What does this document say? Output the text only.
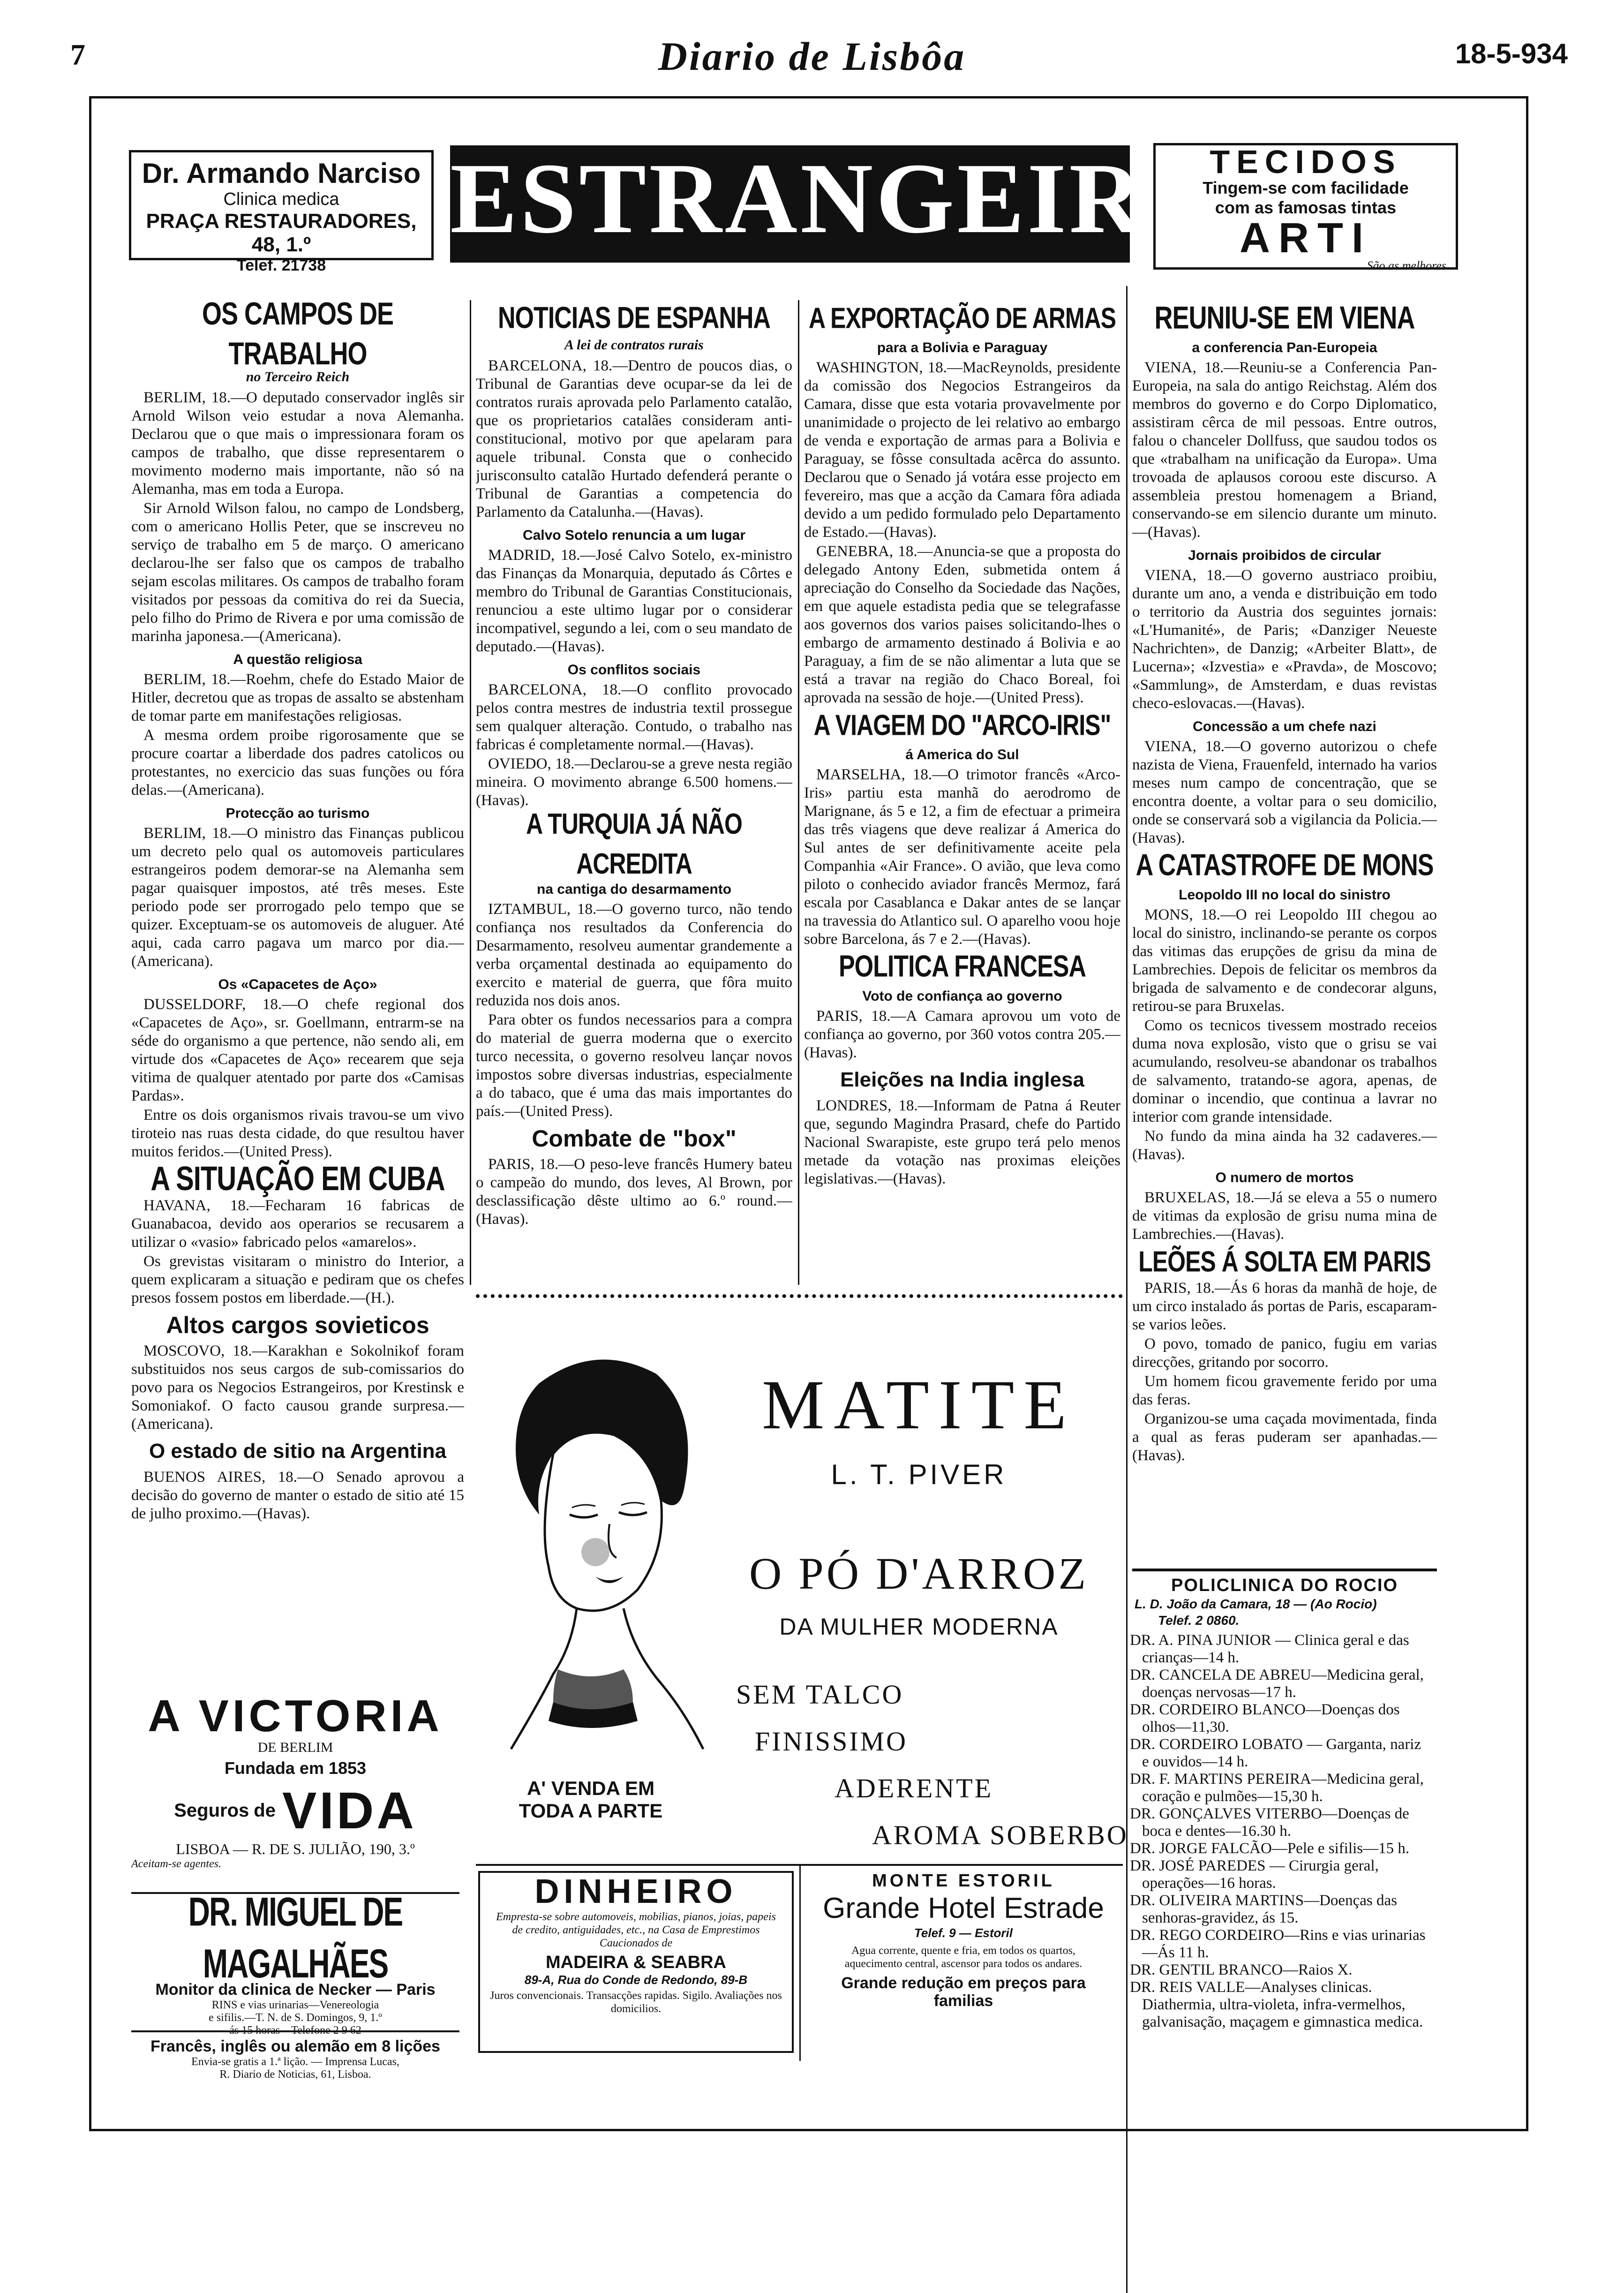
7	Diario de Lisbôa	18-5-934
Dr. Armando Narciso
Clinica medica
PRAÇA RESTAURADORES, 48, 1.º
Telef. 21738
ESTRANGEIRO
TECIDOS
Tingem-se com facilidade
com as famosas tintas
ARTI
São as melhores
OS CAMPOS DE TRABALHO
no Terceiro Reich

BERLIM, 18.—O deputado conservador inglês sir Arnold Wilson veio estudar a nova Alemanha. Declarou que o que mais o impressionara foram os campos de trabalho, que disse representarem o movimento moderno mais importante, não só na Alemanha, mas em toda a Europa.

Sir Arnold Wilson falou, no campo de Londsberg, com o americano Hollis Peter, que se inscreveu no serviço de trabalho em 5 de março. O americano declarou-lhe ser falso que os campos de trabalho sejam escolas militares. Os campos de trabalho foram visitados por pessoas da comitiva do rei da Suecia, pelo filho do Primo de Rivera e por uma comissão de marinha japonesa.—(Americana).

A questão religiosa

BERLIM, 18.—Roehm, chefe do Estado Maior de Hitler, decretou que as tropas de assalto se abstenham de tomar parte em manifestações religiosas.

A mesma ordem proibe rigorosamente que se procure coartar a liberdade dos padres catolicos ou protestantes, no exercicio das suas funções ou fóra delas.—(Americana).

Protecção ao turismo

BERLIM, 18.—O ministro das Finanças publicou um decreto pelo qual os automoveis particulares estrangeiros podem demorar-se na Alemanha sem pagar quaisquer impostos, até três meses. Este periodo pode ser prorrogado pelo tempo que se quizer. Exceptuam-se os automoveis de aluguer. Até aqui, cada carro pagava um marco por dia.—(Americana).

Os «Capacetes de Aço»

DUSSELDORF, 18.—O chefe regional dos «Capacetes de Aço», sr. Goellmann, entrarm-se na séde do organismo a que pertence, não sendo ali, em virtude dos «Capacetes de Aço» recearem que seja vitima de qualquer atentado por parte dos «Camisas Pardas».

Entre os dois organismos rivais travou-se um vivo tiroteio nas ruas desta cidade, do que resultou haver muitos feridos.—(United Press).

A SITUAÇÃO EM CUBA

HAVANA, 18.—Fecharam 16 fabricas de Guanabacoa, devido aos operarios se recusarem a utilizar o «vasio» fabricado pelos «amarelos».

Os grevistas visitaram o ministro do Interior, a quem explicaram a situação e pediram que os chefes presos fossem postos em liberdade.—(H.).

Altos cargos sovieticos

MOSCOVO, 18.—Karakhan e Sokolnikof foram substituidos nos seus cargos de sub-comissarios do povo para os Negocios Estrangeiros, por Krestinsk e Somoniakof. O facto causou grande surpresa.—(Americana).

O estado de sitio na Argentina

BUENOS AIRES, 18.—O Senado aprovou a decisão do governo de manter o estado de sitio até 15 de julho proximo.—(Havas).

NOTICIAS DE ESPANHA
A lei de contratos rurais

BARCELONA, 18.—Dentro de poucos dias, o Tribunal de Garantias deve ocupar-se da lei de contratos rurais aprovada pelo Parlamento catalão, que os proprietarios catalães consideram anti-constitucional, motivo por que apelaram para aquele tribunal. Consta que o conhecido jurisconsulto catalão Hurtado defenderá perante o Tribunal de Garantias a competencia do Parlamento da Catalunha.—(Havas).

Calvo Sotelo renuncia a um lugar

MADRID, 18.—José Calvo Sotelo, ex-ministro das Finanças da Monarquia, deputado ás Côrtes e membro do Tribunal de Garantias Constitucionais, renunciou a este ultimo lugar por o considerar incompativel, segundo a lei, com o seu mandato de deputado.—(Havas).

Os conflitos sociais

BARCELONA, 18.—O conflito provocado pelos contra mestres de industria textil prossegue sem qualquer alteração. Contudo, o trabalho nas fabricas é completamente normal.—(Havas).

OVIEDO, 18.—Declarou-se a greve nesta região mineira. O movimento abrange 6.500 homens.—(Havas).

A TURQUIA JÁ NÃO ACREDITA
na cantiga do desarmamento

IZTAMBUL, 18.—O governo turco, não tendo confiança nos resultados da Conferencia do Desarmamento, resolveu aumentar grandemente a verba orçamental destinada ao equipamento do exercito e material de guerra, que fôra muito reduzida nos dois anos.

Para obter os fundos necessarios para a compra do material de guerra moderna que o exercito turco necessita, o governo resolveu lançar novos impostos sobre diversas industrias, especialmente a do tabaco, que é uma das mais importantes do país.—(United Press).

Combate de "box"

PARIS, 18.—O peso-leve francês Humery bateu o campeão do mundo, dos leves, Al Brown, por desclassificação dêste ultimo ao 6.º round.—(Havas).

A EXPORTAÇÃO DE ARMAS
para a Bolivia e Paraguay

WASHINGTON, 18.—MacReynolds, presidente da comissão dos Negocios Estrangeiros da Camara, disse que esta votaria provavelmente por unanimidade o projecto de lei relativo ao embargo de venda e exportação de armas para a Bolivia e Paraguay, se fôsse consultada acêrca do assunto. Declarou que o Senado já votára esse projecto em fevereiro, mas que a acção da Camara fôra adiada devido a um pedido formulado pelo Departamento de Estado.—(Havas).

GENEBRA, 18.—Anuncia-se que a proposta do delegado Antony Eden, submetida ontem á apreciação do Conselho da Sociedade das Nações, em que aquele estadista pedia que se telegrafasse aos governos dos varios paises solicitando-lhes o embargo de armamento destinado á Bolivia e ao Paraguay, a fim de se não alimentar a luta que se está a travar na região do Chaco Boreal, foi aprovada na sessão de hoje.—(United Press).

A VIAGEM DO "ARCO-IRIS"
á America do Sul

MARSELHA, 18.—O trimotor francês «Arco-Iris» partiu esta manhã do aerodromo de Marignane, ás 5 e 12, a fim de efectuar a primeira das três viagens que deve realizar á America do Sul antes de ser definitivamente aceite pela Companhia «Air France». O avião, que leva como piloto o conhecido aviador francês Mermoz, fará escala por Casablanca e Dakar antes de se lançar na travessia do Atlantico sul. O aparelho voou hoje sobre Barcelona, ás 7 e 2.—(Havas).

POLITICA FRANCESA
Voto de confiança ao governo

PARIS, 18.—A Camara aprovou um voto de confiança ao governo, por 360 votos contra 205.—(Havas).

Eleições na India inglesa

LONDRES, 18.—Informam de Patna á Reuter que, segundo Magindra Prasard, chefe do Partido Nacional Swarapiste, este grupo terá pelo menos metade da votação nas proximas eleições legislativas.—(Havas).

REUNIU-SE EM VIENA
a conferencia Pan-Europeia

VIENA, 18.—Reuniu-se a Conferencia Pan-Europeia, na sala do antigo Reichstag. Além dos membros do governo e do Corpo Diplomatico, assistiram cêrca de mil pessoas. Entre outros, falou o chanceler Dollfuss, que saudou todos os que «trabalham na unificação da Europa». Uma trovoada de aplausos coroou este discurso. A assembleia prestou homenagem a Briand, conservando-se em silencio durante um minuto.—(Havas).

Jornais proibidos de circular

VIENA, 18.—O governo austriaco proibiu, durante um ano, a venda e distribuição em todo o territorio da Austria dos seguintes jornais: «L'Humanité», de Paris; «Danziger Neueste Nachrichten», de Danzig; «Arbeiter Blatt», de Lucerna»; «Izvestia» e «Pravda», de Moscovo; «Sammlung», de Amsterdam, e duas revistas checo-eslovacas.—(Havas).

Concessão a um chefe nazi

VIENA, 18.—O governo autorizou o chefe nazista de Viena, Frauenfeld, internado ha varios meses num campo de concentração, que se encontra doente, a voltar para o seu domicilio, onde se conservará sob a vigilancia da Policia.—(Havas).

A CATASTROFE DE MONS
Leopoldo III no local do sinistro

MONS, 18.—O rei Leopoldo III chegou ao local do sinistro, inclinando-se perante os corpos das vitimas das erupções de grisu da mina de Lambrechies. Depois de felicitar os membros da brigada de salvamento e de condecorar alguns, retirou-se para Bruxelas.

Como os tecnicos tivessem mostrado receios duma nova explosão, visto que o grisu se vai acumulando, resolveu-se abandonar os trabalhos de salvamento, tratando-se agora, apenas, de dominar o incendio, que continua a lavrar no interior com grande intensidade.

No fundo da mina ainda ha 32 cadaveres.—(Havas).

O numero de mortos

BRUXELAS, 18.—Já se eleva a 55 o numero de vitimas da explosão de grisu numa mina de Lambrechies.—(Havas).

LEÕES Á SOLTA EM PARIS

PARIS, 18.—Ás 6 horas da manhã de hoje, de um circo instalado ás portas de Paris, escaparam-se varios leões.

O povo, tomado de panico, fugiu em varias direcções, gritando por socorro.

Um homem ficou gravemente ferido por uma das feras.

Organizou-se uma caçada movimentada, finda a qual as feras puderam ser apanhadas.—(Havas).

A VICTORIA
DE BERLIM
Fundada em 1853
Seguros de VIDA
LISBOA — R. DE S. JULIÃO, 190, 3.º
Aceitam-se agentes.
DR. MIGUEL DE MAGALHÃES
Monitor da clinica de Necker — Paris
RINS e vias urinarias—Venereologia
e sifilis.—T. N. de S. Domingos, 9, 1.º
Francês, inglês ou alemão em 8 lições
Envia-se gratis a 1.ª lição. — Imprensa Lucas,
R. Diario de Noticias, 61, Lisboa.
MATITE
L. T. PIVER
O PÓ D'ARROZ
DA MULHER MODERNA
SEM TALCO
FINISSIMO
ADERENTE
AROMA SOBERBO
A' VENDA EM
TODA A PARTE
DINHEIRO
Empresta-se sobre automoveis, mobilias, pianos, joias, papeis de credito, antiguidades, etc., na Casa de Emprestimos Caucionados de
MADEIRA & SEABRA
89-A, Rua do Conde de Redondo, 89-B
Juros convencionais. Transacções rapidas. Sigilo. Avaliações nos domicilios.
MONTE ESTORIL
Grande Hotel Estrade
Telef. 9 — Estoril
Agua corrente, quente e fria, em todos os quartos, aquecimento central, ascensor para todos os andares.
Grande redução em preços para familias
POLICLINICA DO ROCIO
L. D. João da Camara, 18 — (Ao Rocio)
Telef. 2 0860.
DR. A. PINA JUNIOR — Clinica geral e das crianças—14 h.
DR. CANCELA DE ABREU—Medicina geral, doenças nervosas—17 h.
DR. CORDEIRO BLANCO—Doenças dos olhos—11,30.
DR. CORDEIRO LOBATO — Garganta, nariz e ouvidos—14 h.
DR. F. MARTINS PEREIRA—Medicina geral, coração e pulmões—15,30 h.
DR. GONÇALVES VITERBO—Doenças de boca e dentes—16.30 h.
DR. JORGE FALCÃO—Pele e sifilis—15 h.
DR. JOSÉ PAREDES — Cirurgia geral, operações—16 horas.
DR. OLIVEIRA MARTINS—Doenças das senhoras-gravidez, ás 15.
DR. REGO CORDEIRO—Rins e vias urinarias—Ás 11 h.
DR. GENTIL BRANCO—Raios X.
DR. REIS VALLE—Analyses clinicas. Diathermia, ultra-violeta, infra-vermelhos, galvanisação, maçagem e gimnastica medica.
